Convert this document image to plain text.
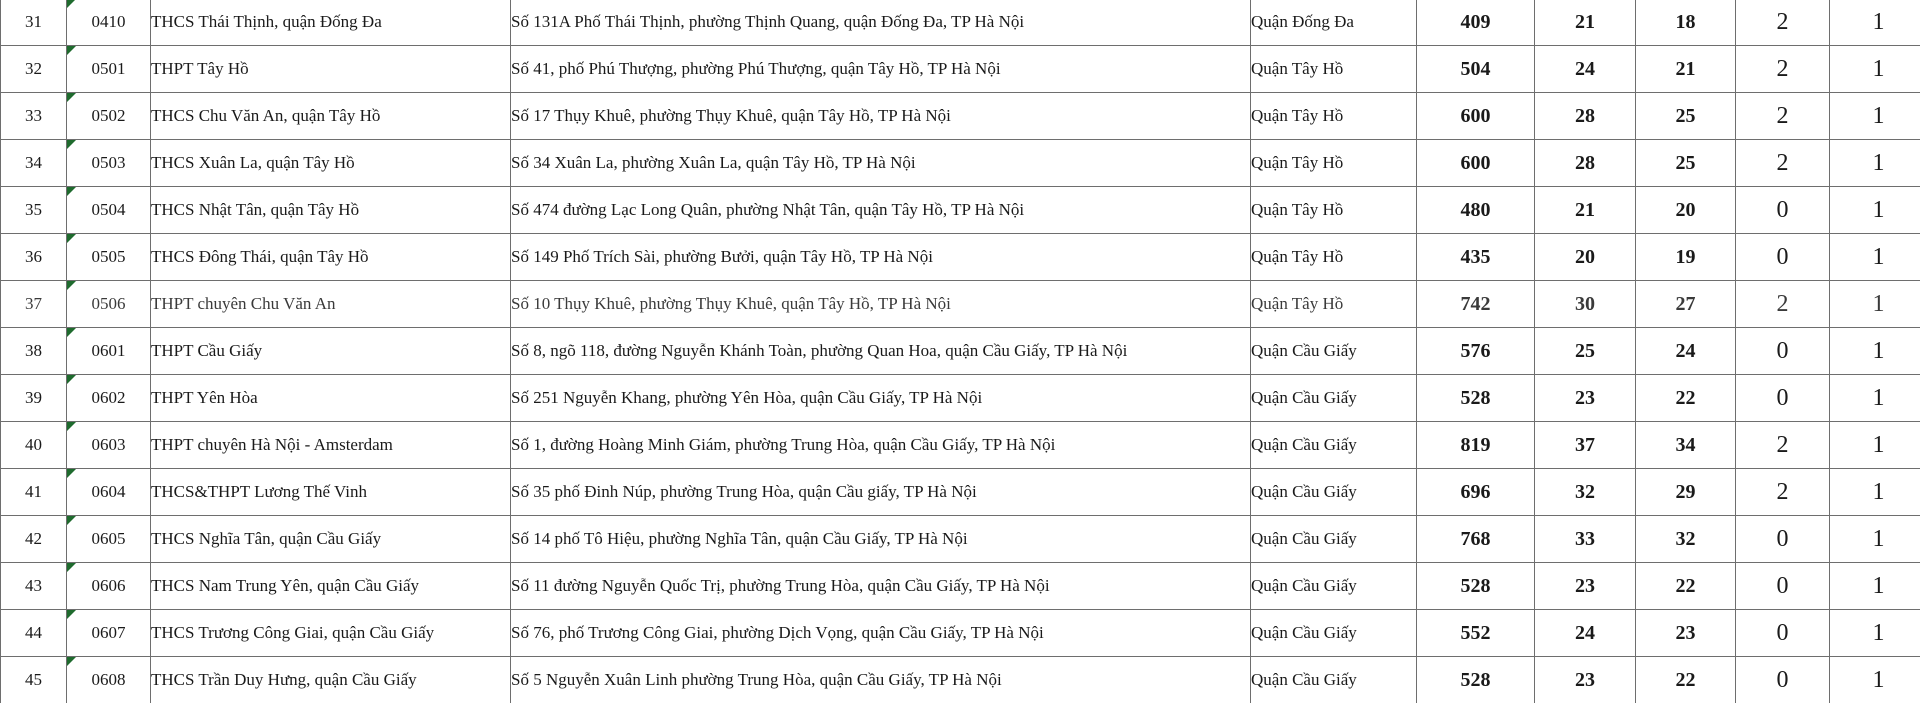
31	0410	THCS Thái Thịnh, quận Đống Đa	Số 131A Phố Thái Thịnh, phường Thịnh Quang, quận Đống Đa, TP Hà Nội	Quận Đống Đa	409	21	18	2	1	
32	0501	THPT Tây Hồ	Số 41, phố Phú Thượng, phường Phú Thượng, quận Tây Hồ, TP Hà Nội	Quận Tây Hồ	504	24	21	2	1	
33	0502	THCS Chu Văn An, quận Tây Hồ	Số 17 Thụy Khuê, phường Thụy Khuê, quận Tây Hồ, TP Hà Nội	Quận Tây Hồ	600	28	25	2	1	
34	0503	THCS Xuân La, quận Tây Hồ	Số 34 Xuân La, phường Xuân La, quận Tây Hồ, TP Hà Nội	Quận Tây Hồ	600	28	25	2	1	
35	0504	THCS Nhật Tân, quận Tây Hồ	Số 474 đường Lạc Long Quân, phường Nhật Tân, quận Tây Hồ, TP Hà Nội	Quận Tây Hồ	480	21	20	0	1	
36	0505	THCS Đông Thái, quận Tây Hồ	Số 149 Phố Trích Sài, phường Bưởi, quận Tây Hồ, TP Hà Nội	Quận Tây Hồ	435	20	19	0	1	
37	0506	THPT chuyên Chu Văn An	Số 10 Thụy Khuê, phường Thụy Khuê, quận Tây Hồ, TP Hà Nội	Quận Tây Hồ	742	30	27	2	1	
38	0601	THPT Cầu Giấy	Số 8, ngõ 118, đường Nguyễn Khánh Toàn, phường Quan Hoa, quận Cầu Giấy, TP Hà Nội	Quận Cầu Giấy	576	25	24	0	1	
39	0602	THPT Yên Hòa	Số 251 Nguyễn Khang, phường Yên Hòa, quận Cầu Giấy, TP Hà Nội	Quận Cầu Giấy	528	23	22	0	1	
40	0603	THPT chuyên Hà Nội - Amsterdam	Số 1, đường Hoàng Minh Giám, phường Trung Hòa, quận Cầu Giấy, TP Hà Nội	Quận Cầu Giấy	819	37	34	2	1	
41	0604	THCS&THPT Lương Thế Vinh	Số 35 phố Đinh Núp, phường Trung Hòa, quận Cầu giấy, TP Hà Nội	Quận Cầu Giấy	696	32	29	2	1	
42	0605	THCS Nghĩa Tân, quận Cầu Giấy	Số 14 phố Tô Hiệu, phường Nghĩa Tân, quận Cầu Giấy, TP Hà Nội	Quận Cầu Giấy	768	33	32	0	1	
43	0606	THCS Nam Trung Yên, quận Cầu Giấy	Số 11 đường Nguyễn Quốc Trị, phường Trung Hòa, quận Cầu Giấy, TP Hà Nội	Quận Cầu Giấy	528	23	22	0	1	
44	0607	THCS Trương Công Giai, quận Cầu Giấy	Số 76, phố Trương Công Giai, phường Dịch Vọng, quận Cầu Giấy, TP Hà Nội	Quận Cầu Giấy	552	24	23	0	1	
45	0608	THCS Trần Duy Hưng, quận Cầu Giấy	Số 5 Nguyễn Xuân Linh phường Trung Hòa, quận Cầu Giấy, TP Hà Nội	Quận Cầu Giấy	528	23	22	0	1	
